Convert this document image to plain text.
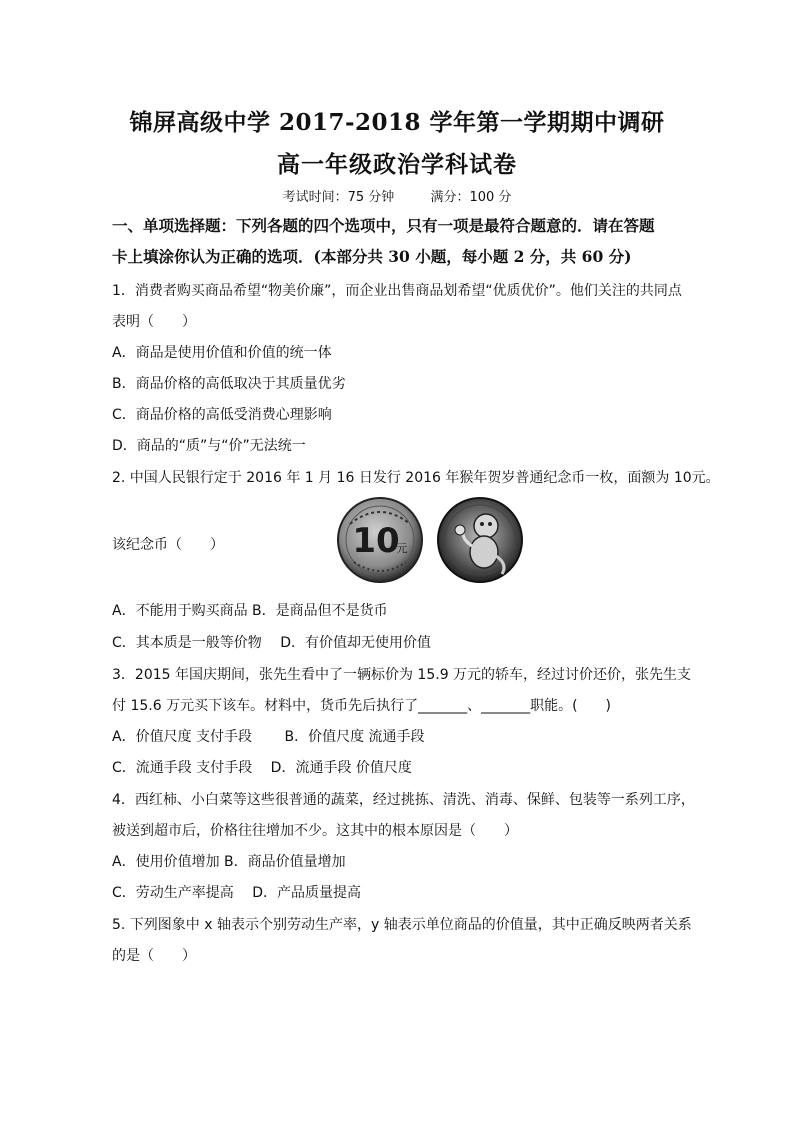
锦屏高级中学 2017-2018 学年第一学期期中调研
高一年级政治学科试卷
考试时间：75 分钟	满分：100 分
一、单项选择题：下列各题的四个选项中，只有一项是最符合题意的．请在答题
卡上填涂你认为正确的选项．(本部分共 30 小题，每小题 2 分，共 60 分)
1．消费者购买商品希望“物美价廉”，而企业出售商品划希望“优质优价”。他们关注的共同点
表明（　　）
A．商品是使用价值和价值的统一体
B．商品价格的高低取决于其质量优劣
C．商品价格的高低受消费心理影响
D．商品的“质”与“价”无法统一
2. 中国人民银行定于 2016 年 1 月 16 日发行 2016 年猴年贺岁普通纪念币一枚，面额为 10元。
该纪念币（　　）	10
元
A．不能用于购买商品 B．是商品但不是货币
C．其本质是一般等价物　 D．有价值却无使用价值
3．2015 年国庆期间，张先生看中了一辆标价为 15.9 万元的轿车，经过讨价还价，张先生支
付 15.6 万元买下该车。材料中，货币先后执行了_______、_______职能。(　　)
A．价值尺度 支付手段　　 B．价值尺度 流通手段
C．流通手段 支付手段　 D．流通手段 价值尺度
4．西红柿、小白菜等这些很普通的蔬菜，经过挑拣、清洗、消毒、保鲜、包装等一系列工序，
被送到超市后，价格往往增加不少。这其中的根本原因是（　　）
A．使用价值增加 B．商品价值量增加
C．劳动生产率提高　 D．产品质量提高
5. 下列图象中 x 轴表示个别劳动生产率，y 轴表示单位商品的价值量，其中正确反映两者关系
的是（　　）
